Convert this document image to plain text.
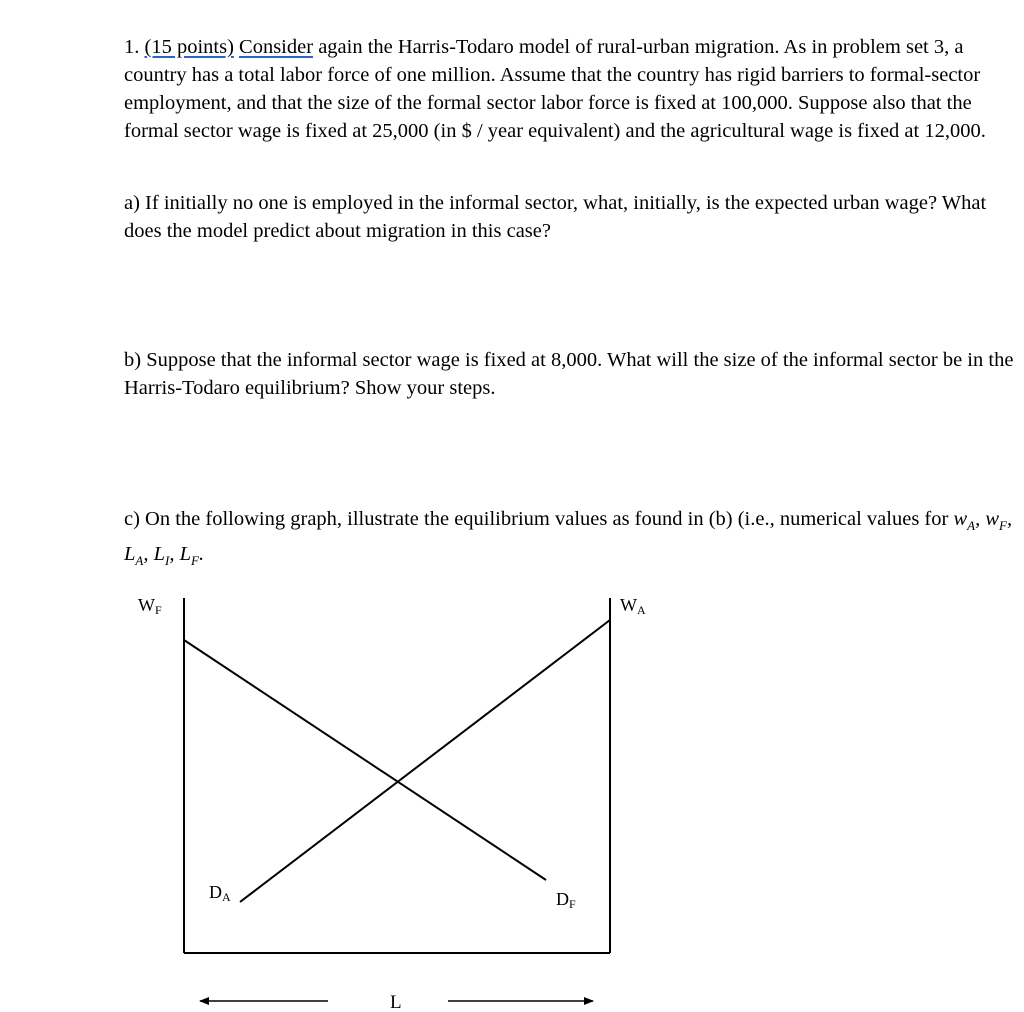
1. (15 points) Consider again the Harris-Todaro model of rural-urban migration. As in problem set 3, a country has a total labor force of one million. Assume that the country has rigid barriers to formal-sector employment, and that the size of the formal sector labor force is fixed at 100,000. Suppose also that the formal sector wage is fixed at 25,000 (in $ / year equivalent) and the agricultural wage is fixed at 12,000.

a) If initially no one is employed in the informal sector, what, initially, is the expected urban wage? What does the model predict about migration in this case?

b) Suppose that the informal sector wage is fixed at 8,000. What will the size of the informal sector be in the Harris-Todaro equilibrium? Show your steps.

c) On the following graph, illustrate the equilibrium values as found in (b) (i.e., numerical values for $w_A$, $w_F$, $L_A$, $L_I$, $L_F$.

WF	WA
DA	DF
L
